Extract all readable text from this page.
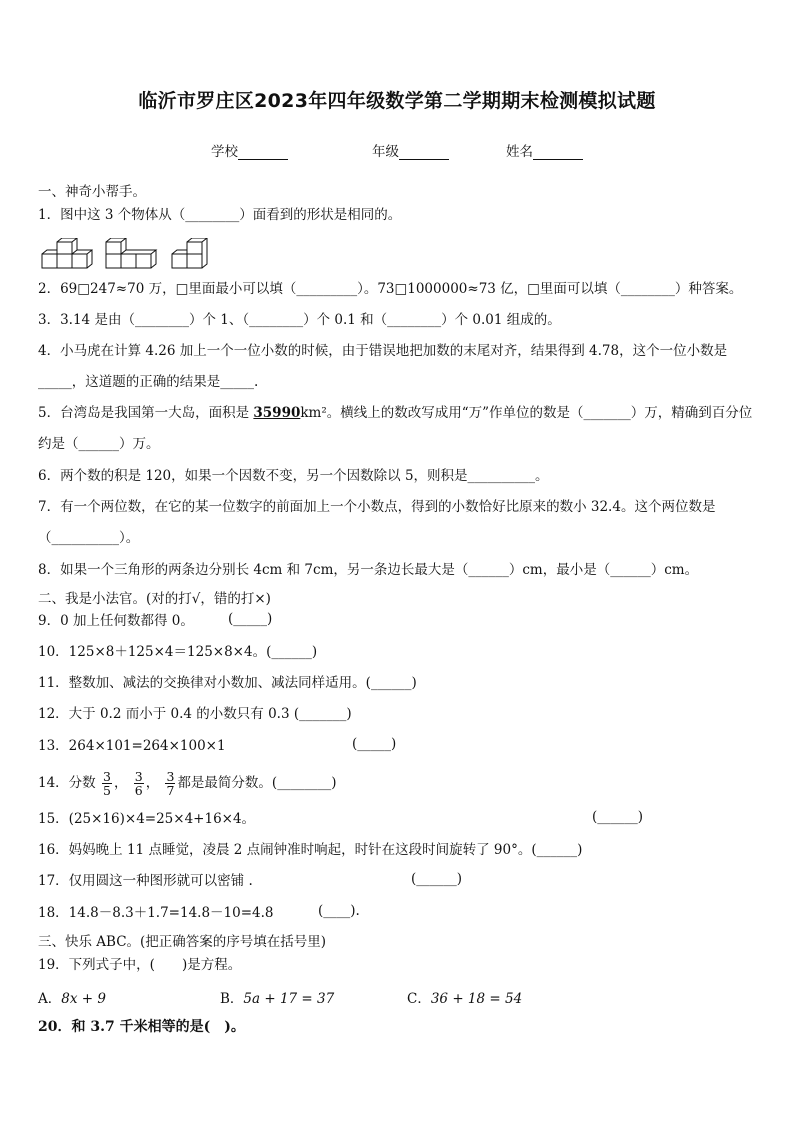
临沂市罗庄区2023年四年级数学第二学期期末检测模拟试题
学校	年级	姓名
一、神奇小帮手。
1．图中这 3 个物体从（________）面看到的形状是相同的。
2．69□247≈70 万，□里面最小可以填（_________）。73□1000000≈73 亿，□里面可以填（________）种答案。
3．3.14 是由（________）个 1、（________）个 0.1 和（________）个 0.01 组成的。
4．小马虎在计算 4.26 加上一个一位小数的时候，由于错误地把加数的末尾对齐，结果得到 4.78，这个一位小数是
_____，这道题的正确的结果是_____.
5．台湾岛是我国第一大岛，面积是 35990km²。横线上的数改写成用“万”作单位的数是（_______）万，精确到百分位
约是（______）万。
6．两个数的积是 120，如果一个因数不变，另一个因数除以 5，则积是__________。
7．有一个两位数，在它的某一位数字的前面加上一个小数点，得到的小数恰好比原来的数小 32.4。这个两位数是
（__________）。
8．如果一个三角形的两条边分别长 4cm 和 7cm，另一条边长最大是（______）cm，最小是（______）cm。
二、我是小法官。(对的打√，错的打×)
9．0 加上任何数都得 0。	(_____)
10．125×8＋125×4＝125×8×4。(______)
11．整数加、减法的交换律对小数加、减法同样适用。(______)
12．大于 0.2 而小于 0.4 的小数只有 0.3 (_______)
13．264×101=264×100×1	(_____)
14．分数 $\frac{3}{5}$ ， $\frac{3}{6}$ ， $\frac{3}{7}$ 都是最简分数。(________)
15．(25×16)×4=25×4+16×4。	(______)
16．妈妈晚上 11 点睡觉，凌晨 2 点闹钟准时响起，时针在这段时间旋转了 90°。(______)
17．仅用圆这一种图形就可以密铺 .	(______)
18．14.8－8.3＋1.7=14.8－10=4.8	(____).
三、快乐 ABC。(把正确答案的序号填在括号里)
19．下列式子中，(　　)是方程。
A．8x + 9	B．5a + 17 = 37	C．36 + 18 = 54
20．和 3.7 千米相等的是(　)。
